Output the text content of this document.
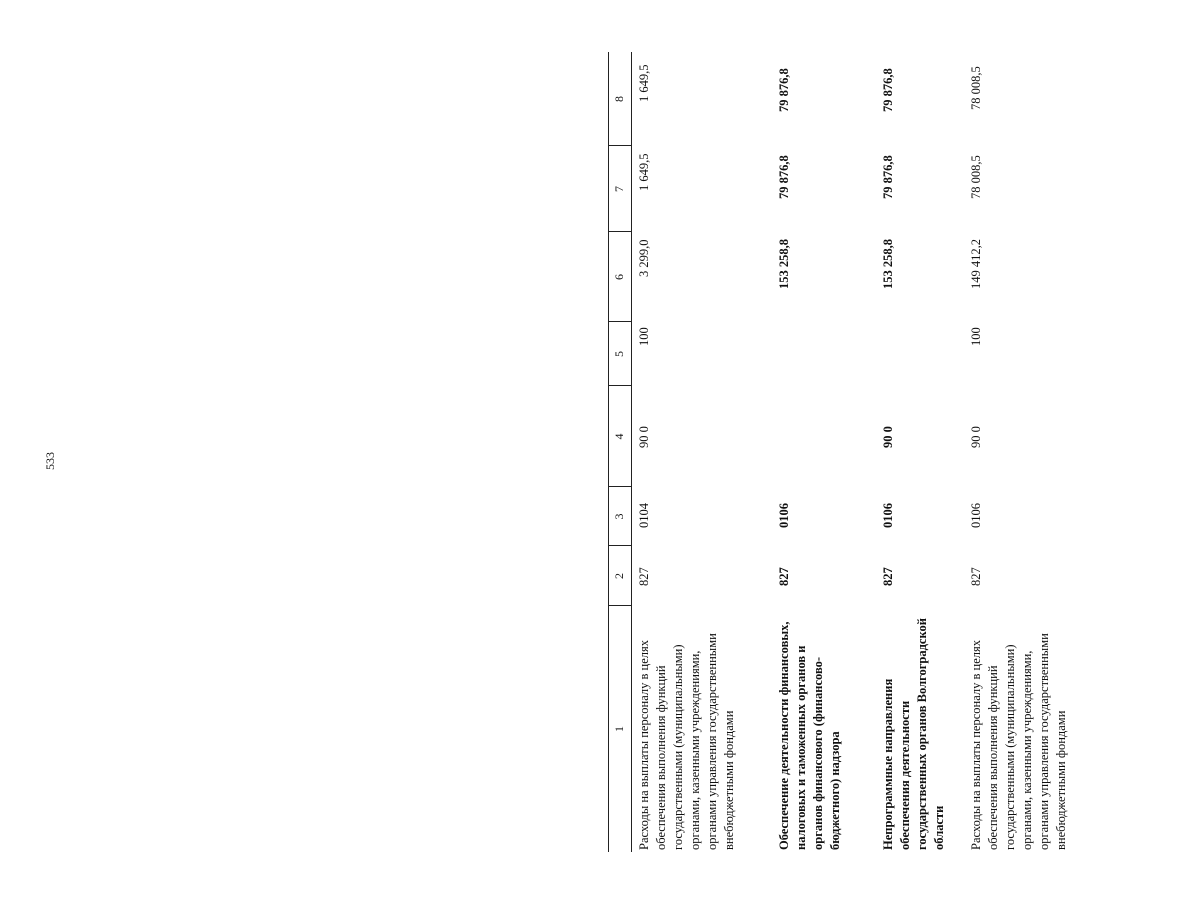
533
1
2
3
4
5
6
7
8
Расходы на выплаты персоналу в целях обеспечения выполнения функций государственными (муниципальными) органами, казенными учреждениями, органами управления государственными внебюджетными фондами
827
0104
90 0
100
3 299,0
1 649,5
1 649,5
Обеспечение деятельности финансовых, налоговых и таможенных органов и органов финансового (финансово-бюджетного) надзора
827
0106
153 258,8
79 876,8
79 876,8
Непрограммные направления обеспечения деятельности государственных органов Волгоградской области
827
0106
90 0
153 258,8
79 876,8
79 876,8
Расходы на выплаты персоналу в целях обеспечения выполнения функций государственными (муниципальными) органами, казенными учреждениями, органами управления государственными внебюджетными фондами
827
0106
90 0
100
149 412,2
78 008,5
78 008,5
